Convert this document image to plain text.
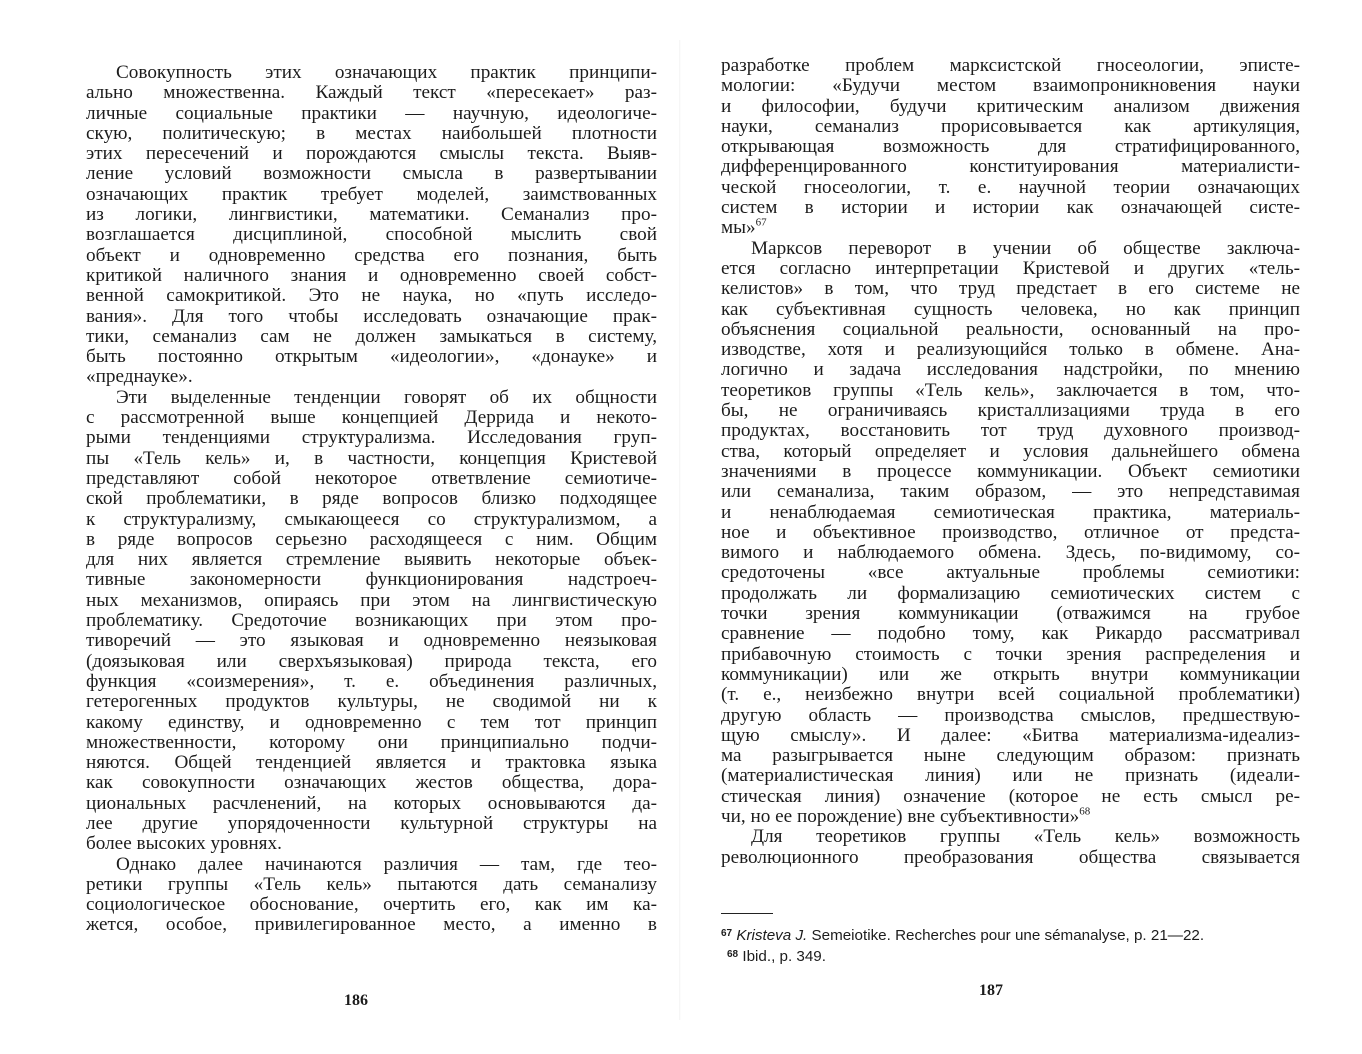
Совокупность этих означающих практик принципи-
ально множественна. Каждый текст «пересекает» раз-
личные социальные практики — научную, идеологиче-
скую, политическую; в местах наибольшей плотности
этих пересечений и порождаются смыслы текста. Выяв-
ление условий возможности смысла в развертывании
означающих практик требует моделей, заимствованных
из логики, лингвистики, математики. Семанализ про-
возглашается дисциплиной, способной мыслить свой
объект и одновременно средства его познания, быть
критикой наличного знания и одновременно своей собст-
венной самокритикой. Это не наука, но «путь исследо-
вания». Для того чтобы исследовать означающие прак-
тики, семанализ сам не должен замыкаться в систему,
быть постоянно открытым «идеологии», «донауке» и
«преднауке».
Эти выделенные тенденции говорят об их общности
с рассмотренной выше концепцией Деррида и некото-
рыми тенденциями структурализма. Исследования груп-
пы «Тель кель» и, в частности, концепция Кристевой
представляют собой некоторое ответвление семиотиче-
ской проблематики, в ряде вопросов близко подходящее
к структурализму, смыкающееся со структурализмом, а
в ряде вопросов серьезно расходящееся с ним. Общим
для них является стремление выявить некоторые объек-
тивные закономерности функционирования надстроеч-
ных механизмов, опираясь при этом на лингвистическую
проблематику. Средоточие возникающих при этом про-
тиворечий — это языковая и одновременно неязыковая
(доязыковая или сверхъязыковая) природа текста, его
функция «соизмерения», т. е. объединения различных,
гетерогенных продуктов культуры, не сводимой ни к
какому единству, и одновременно с тем тот принцип
множественности, которому они принципиально подчи-
няются. Общей тенденцией является и трактовка языка
как совокупности означающих жестов общества, дора-
циональных расчленений, на которых основываются да-
лее другие упорядоченности культурной структуры на
более высоких уровнях.
Однако далее начинаются различия — там, где тео-
ретики группы «Тель кель» пытаются дать семанализу
социологическое обоснование, очертить его, как им ка-
жется, особое, привилегированное место, а именно в
186
разработке проблем марксистской гносеологии, эписте-
мологии: «Будучи местом взаимопроникновения науки
и философии, будучи критическим анализом движения
науки, семанализ прорисовывается как артикуляция,
открывающая возможность для стратифицированного,
дифференцированного конституирования материалисти-
ческой гносеологии, т. е. научной теории означающих
систем в истории и истории как означающей систе-
мы»$^{67}$
Марксов переворот в учении об обществе заключа-
ется согласно интерпретации Кристевой и других «тель-
келистов» в том, что труд предстает в его системе не
как субъективная сущность человека, но как принцип
объяснения социальной реальности, основанный на про-
изводстве, хотя и реализующийся только в обмене. Ана-
логично и задача исследования надстройки, по мнению
теоретиков группы «Тель кель», заключается в том, что-
бы, не ограничиваясь кристаллизациями труда в его
продуктах, восстановить тот труд духовного производ-
ства, который определяет и условия дальнейшего обмена
значениями в процессе коммуникации. Объект семиотики
или семанализа, таким образом, — это непредставимая
и ненаблюдаемая семиотическая практика, материаль-
ное и объективное производство, отличное от предста-
вимого и наблюдаемого обмена. Здесь, по-видимому, со-
средоточены «все актуальные проблемы семиотики:
продолжать ли формализацию семиотических систем с
точки зрения коммуникации (отважимся на грубое
сравнение — подобно тому, как Рикардо рассматривал
прибавочную стоимость с точки зрения распределения и
коммуникации) или же открыть внутри коммуникации
(т. е., неизбежно внутри всей социальной проблематики)
другую область — производства смыслов, предшествую-
щую смыслу». И далее: «Битва материализма-идеализ-
ма разыгрывается ныне следующим образом: признать
(материалистическая линия) или не признать (идеали-
стическая линия) означение (которое не есть смысл ре-
чи, но ее порождение) вне субъективности»$^{68}$
Для теоретиков группы «Тель кель» возможность
революционного преобразования общества связывается
$^{67}$ Kristeva J. Semeiotike. Recherches pour une sémanalyse, p. 21—22.
$^{68}$ Ibid., p. 349.
187
